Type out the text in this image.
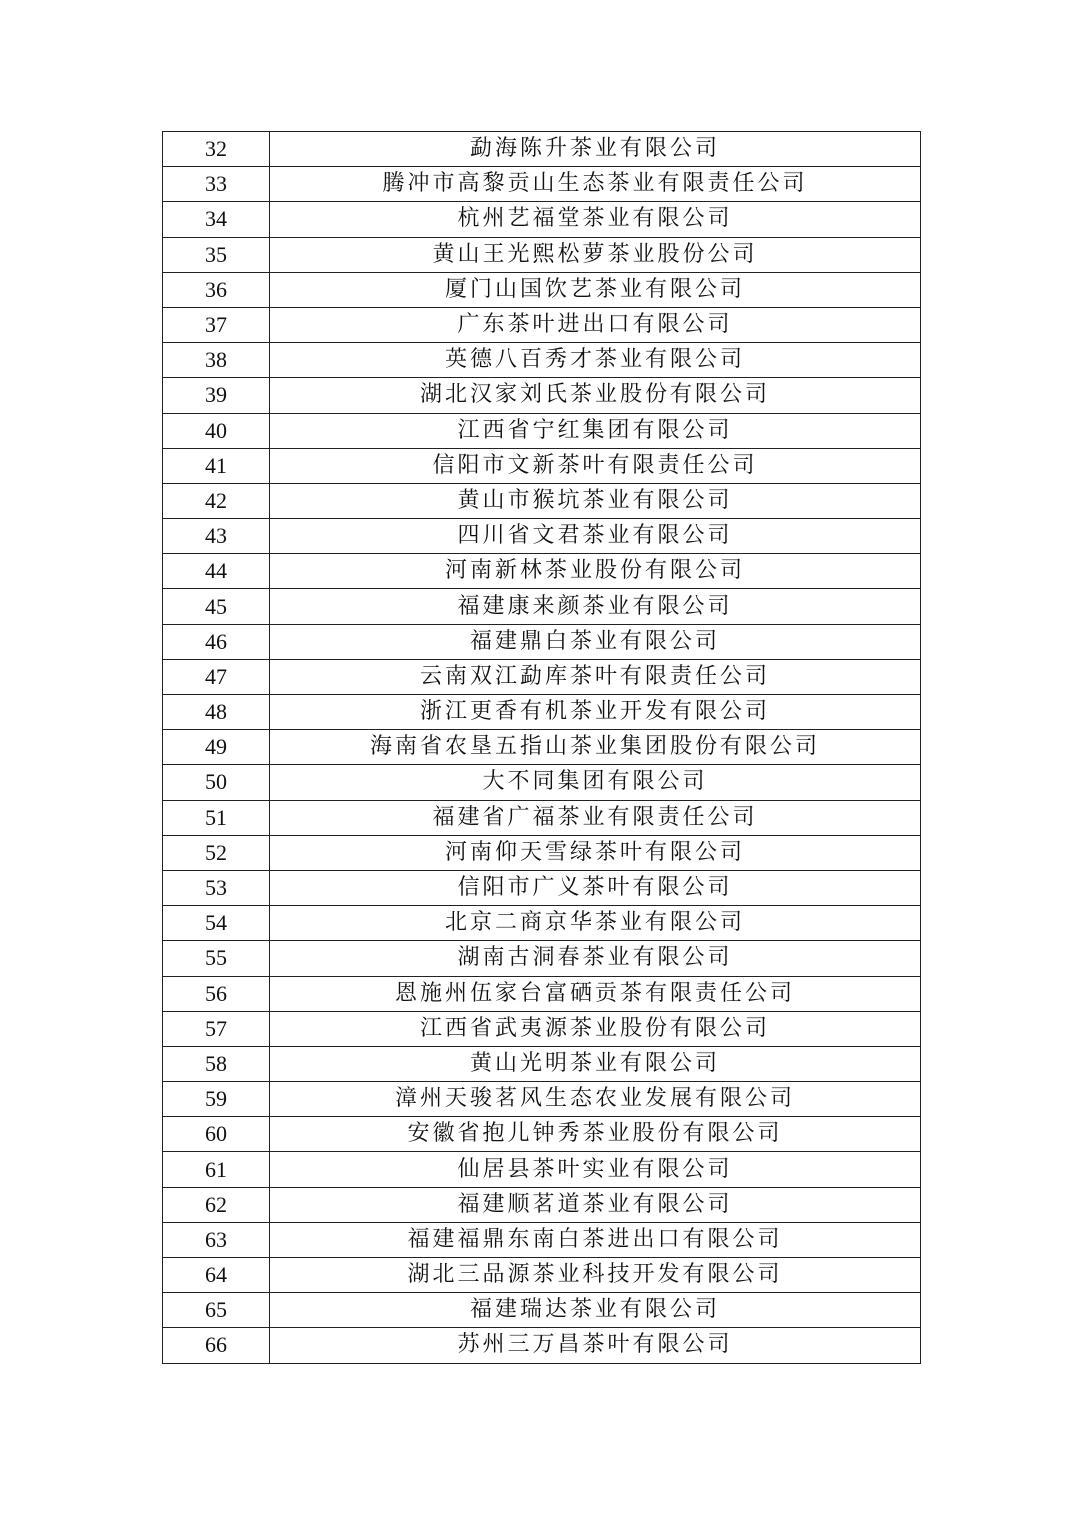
32	勐海陈升茶业有限公司
33	腾冲市高黎贡山生态茶业有限责任公司
34	杭州艺福堂茶业有限公司
35	黄山王光熙松萝茶业股份公司
36	厦门山国饮艺茶业有限公司
37	广东茶叶进出口有限公司
38	英德八百秀才茶业有限公司
39	湖北汉家刘氏茶业股份有限公司
40	江西省宁红集团有限公司
41	信阳市文新茶叶有限责任公司
42	黄山市猴坑茶业有限公司
43	四川省文君茶业有限公司
44	河南新林茶业股份有限公司
45	福建康来颜茶业有限公司
46	福建鼎白茶业有限公司
47	云南双江勐库茶叶有限责任公司
48	浙江更香有机茶业开发有限公司
49	海南省农垦五指山茶业集团股份有限公司
50	大不同集团有限公司
51	福建省广福茶业有限责任公司
52	河南仰天雪绿茶叶有限公司
53	信阳市广义茶叶有限公司
54	北京二商京华茶业有限公司
55	湖南古洞春茶业有限公司
56	恩施州伍家台富硒贡茶有限责任公司
57	江西省武夷源茶业股份有限公司
58	黄山光明茶业有限公司
59	漳州天骏茗风生态农业发展有限公司
60	安徽省抱儿钟秀茶业股份有限公司
61	仙居县茶叶实业有限公司
62	福建顺茗道茶业有限公司
63	福建福鼎东南白茶进出口有限公司
64	湖北三品源茶业科技开发有限公司
65	福建瑞达茶业有限公司
66	苏州三万昌茶叶有限公司
